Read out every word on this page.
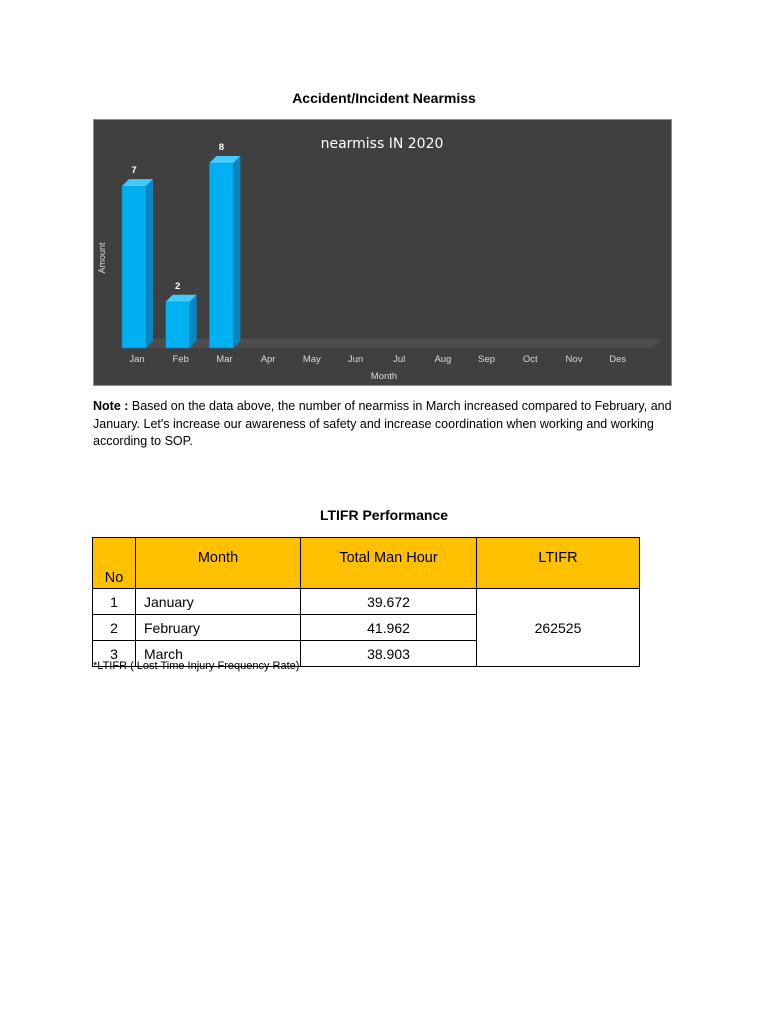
Accident/Incident Nearmiss
nearmiss IN 2020
Amount
Month
Jan
7
Feb
2
Mar
8
Apr	May	Jun	Jul	Aug	Sep	Oct	Nov	Des
Note : Based on the data above, the number of nearmiss in March increased compared to February, and January. Let's increase our awareness of safety and increase coordination when working and working according to SOP.
LTIFR Performance
No	Month	Total Man Hour	LTIFR
1	January	39.672	262525
2	February	41.962	
3	March	38.903	
*LTIFR ( Lost Time Injury Frequency Rate)
